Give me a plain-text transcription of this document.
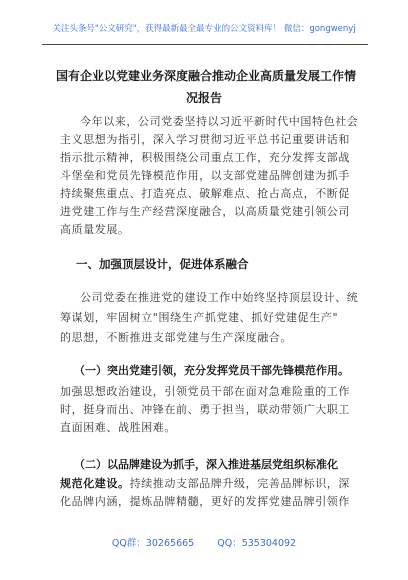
关注头条号"公文研究"，获得最新最全最专业的公文资料库！ 微信：gongwenyj
国有企业以党建业务深度融合推动企业高质量发展工作情
况报告
今年以来，公司党委坚持以习近平新时代中国特色社会
主义思想为指引，深入学习贯彻习近平总书记重要讲话和
指示批示精神，积极围绕公司重点工作，充分发挥支部战
斗堡垒和党员先锋模范作用，以支部党建品牌创建为抓手
持续聚焦重点、打造亮点、破解难点、抢占高点，不断促
进党建工作与生产经营深度融合，以高质量党建引领公司
高质量发展。
一、加强顶层设计，促进体系融合
公司党委在推进党的建设工作中始终坚持顶层设计、统
筹谋划，牢固树立"围绕生产抓党建、抓好党建促生产"
的思想，不断推进支部党建与生产深度融合。
（一）突出党建引领，充分发挥党员干部先锋模范作用。
加强思想政治建设，引领党员干部在面对急难险重的工作
时，挺身而出、冲锋在前、勇于担当，联动带领广大职工
直面困难、战胜困难。
（二）以品牌建设为抓手，深入推进基层党组织标准化
规范化建设。持续推动支部品牌升级，完善品牌标识，深
化品牌内涵，提炼品牌精髓，更好的发挥党建品牌引领作
QQ群：30265665 QQ：535304092
